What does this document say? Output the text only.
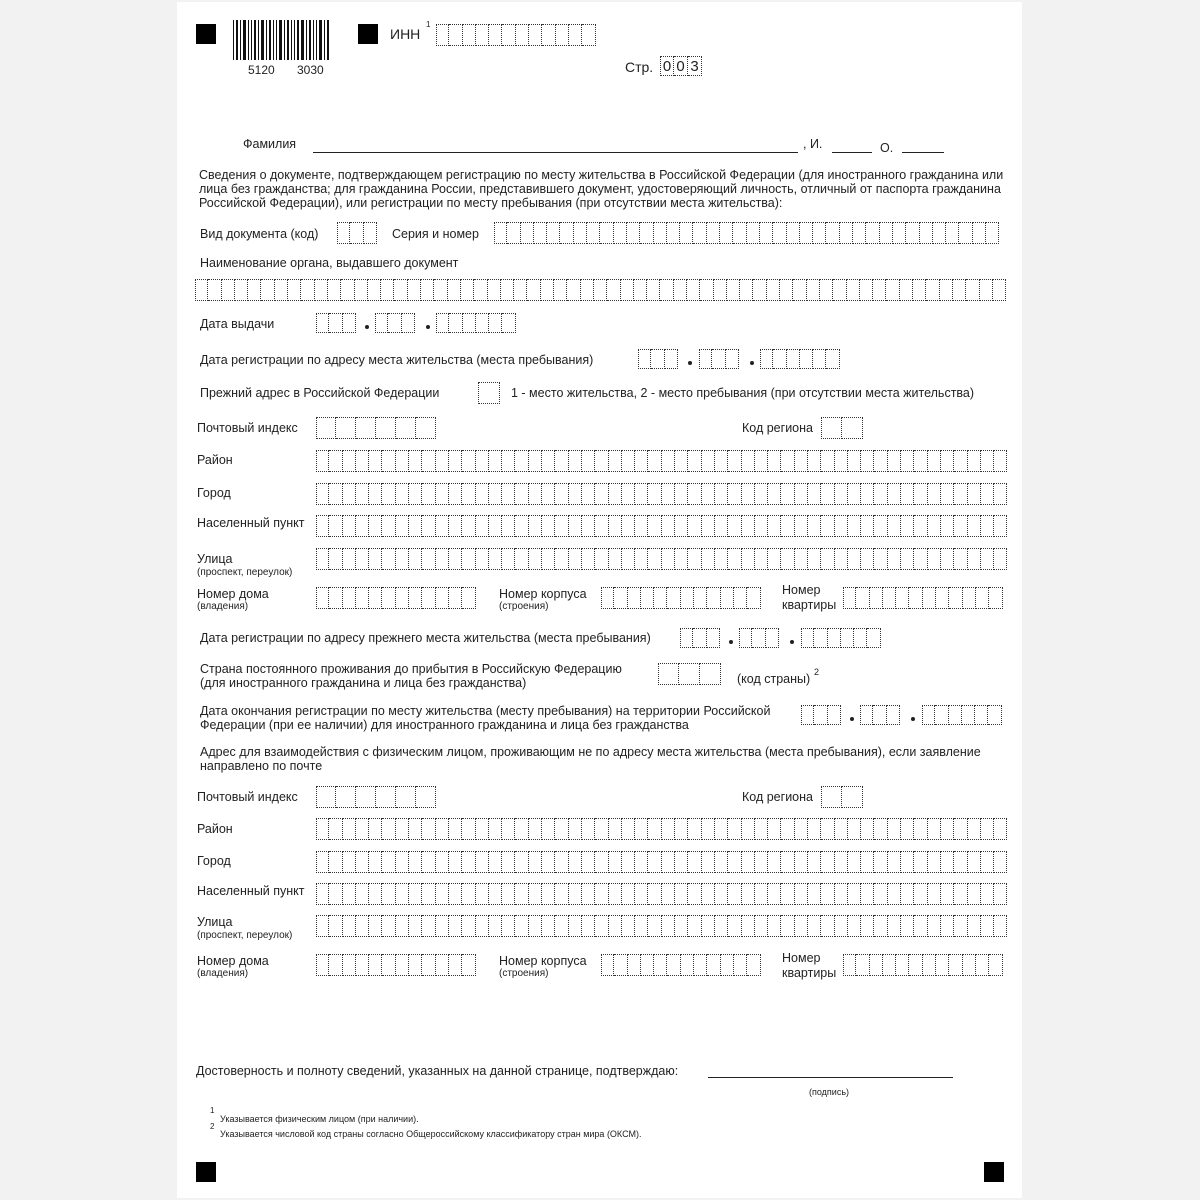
5120 3030
ИНН
1
Стр. 0 0 3
Фамилия	, И.	О.
Сведения о документе, подтверждающем регистрацию по месту жительства в Российской Федерации (для иностранного гражданина или лица без гражданства; для гражданина России, представившего документ, удостоверяющий личность, отличный от паспорта гражданина Российской Федерации), или регистрации по месту пребывания (при отсутствии места жительства):
Вид документа (код)	Серия и номер
Наименование органа, выдавшего документ
Дата выдачи
Дата регистрации по адресу места жительства (места пребывания)
Прежний адрес в Российской Федерации	1 - место жительства, 2 - место пребывания (при отсутствии места жительства)
Почтовый индекс	Код региона
Район
Город
Населенный пункт
Улица
(проспект, переулок)
Номер дома
(владения)
Номер корпуса
(строения)
Номер
квартиры
Дата регистрации по адресу прежнего места жительства (места пребывания)
Страна постоянного проживания до прибытия в Российскую Федерацию (для иностранного гражданина и лица без гражданства)	(код страны) 2
Дата окончания регистрации по месту жительства (месту пребывания) на территории Российской Федерации (при ее наличии) для иностранного гражданина и лица без гражданства
Адрес для взаимодействия с физическим лицом, проживающим не по адресу места жительства (места пребывания), если заявление направлено по почте
Почтовый индекс	Код региона
Район
Город
Населенный пункт
Улица
(проспект, переулок)
Номер дома
(владения)
Номер корпуса
(строения)
Номер
квартиры
Достоверность и полноту сведений, указанных на данной странице, подтверждаю:
(подпись)
1
Указывается физическим лицом (при наличии).
2
Указывается числовой код страны согласно Общероссийскому классификатору стран мира (ОКСМ).
